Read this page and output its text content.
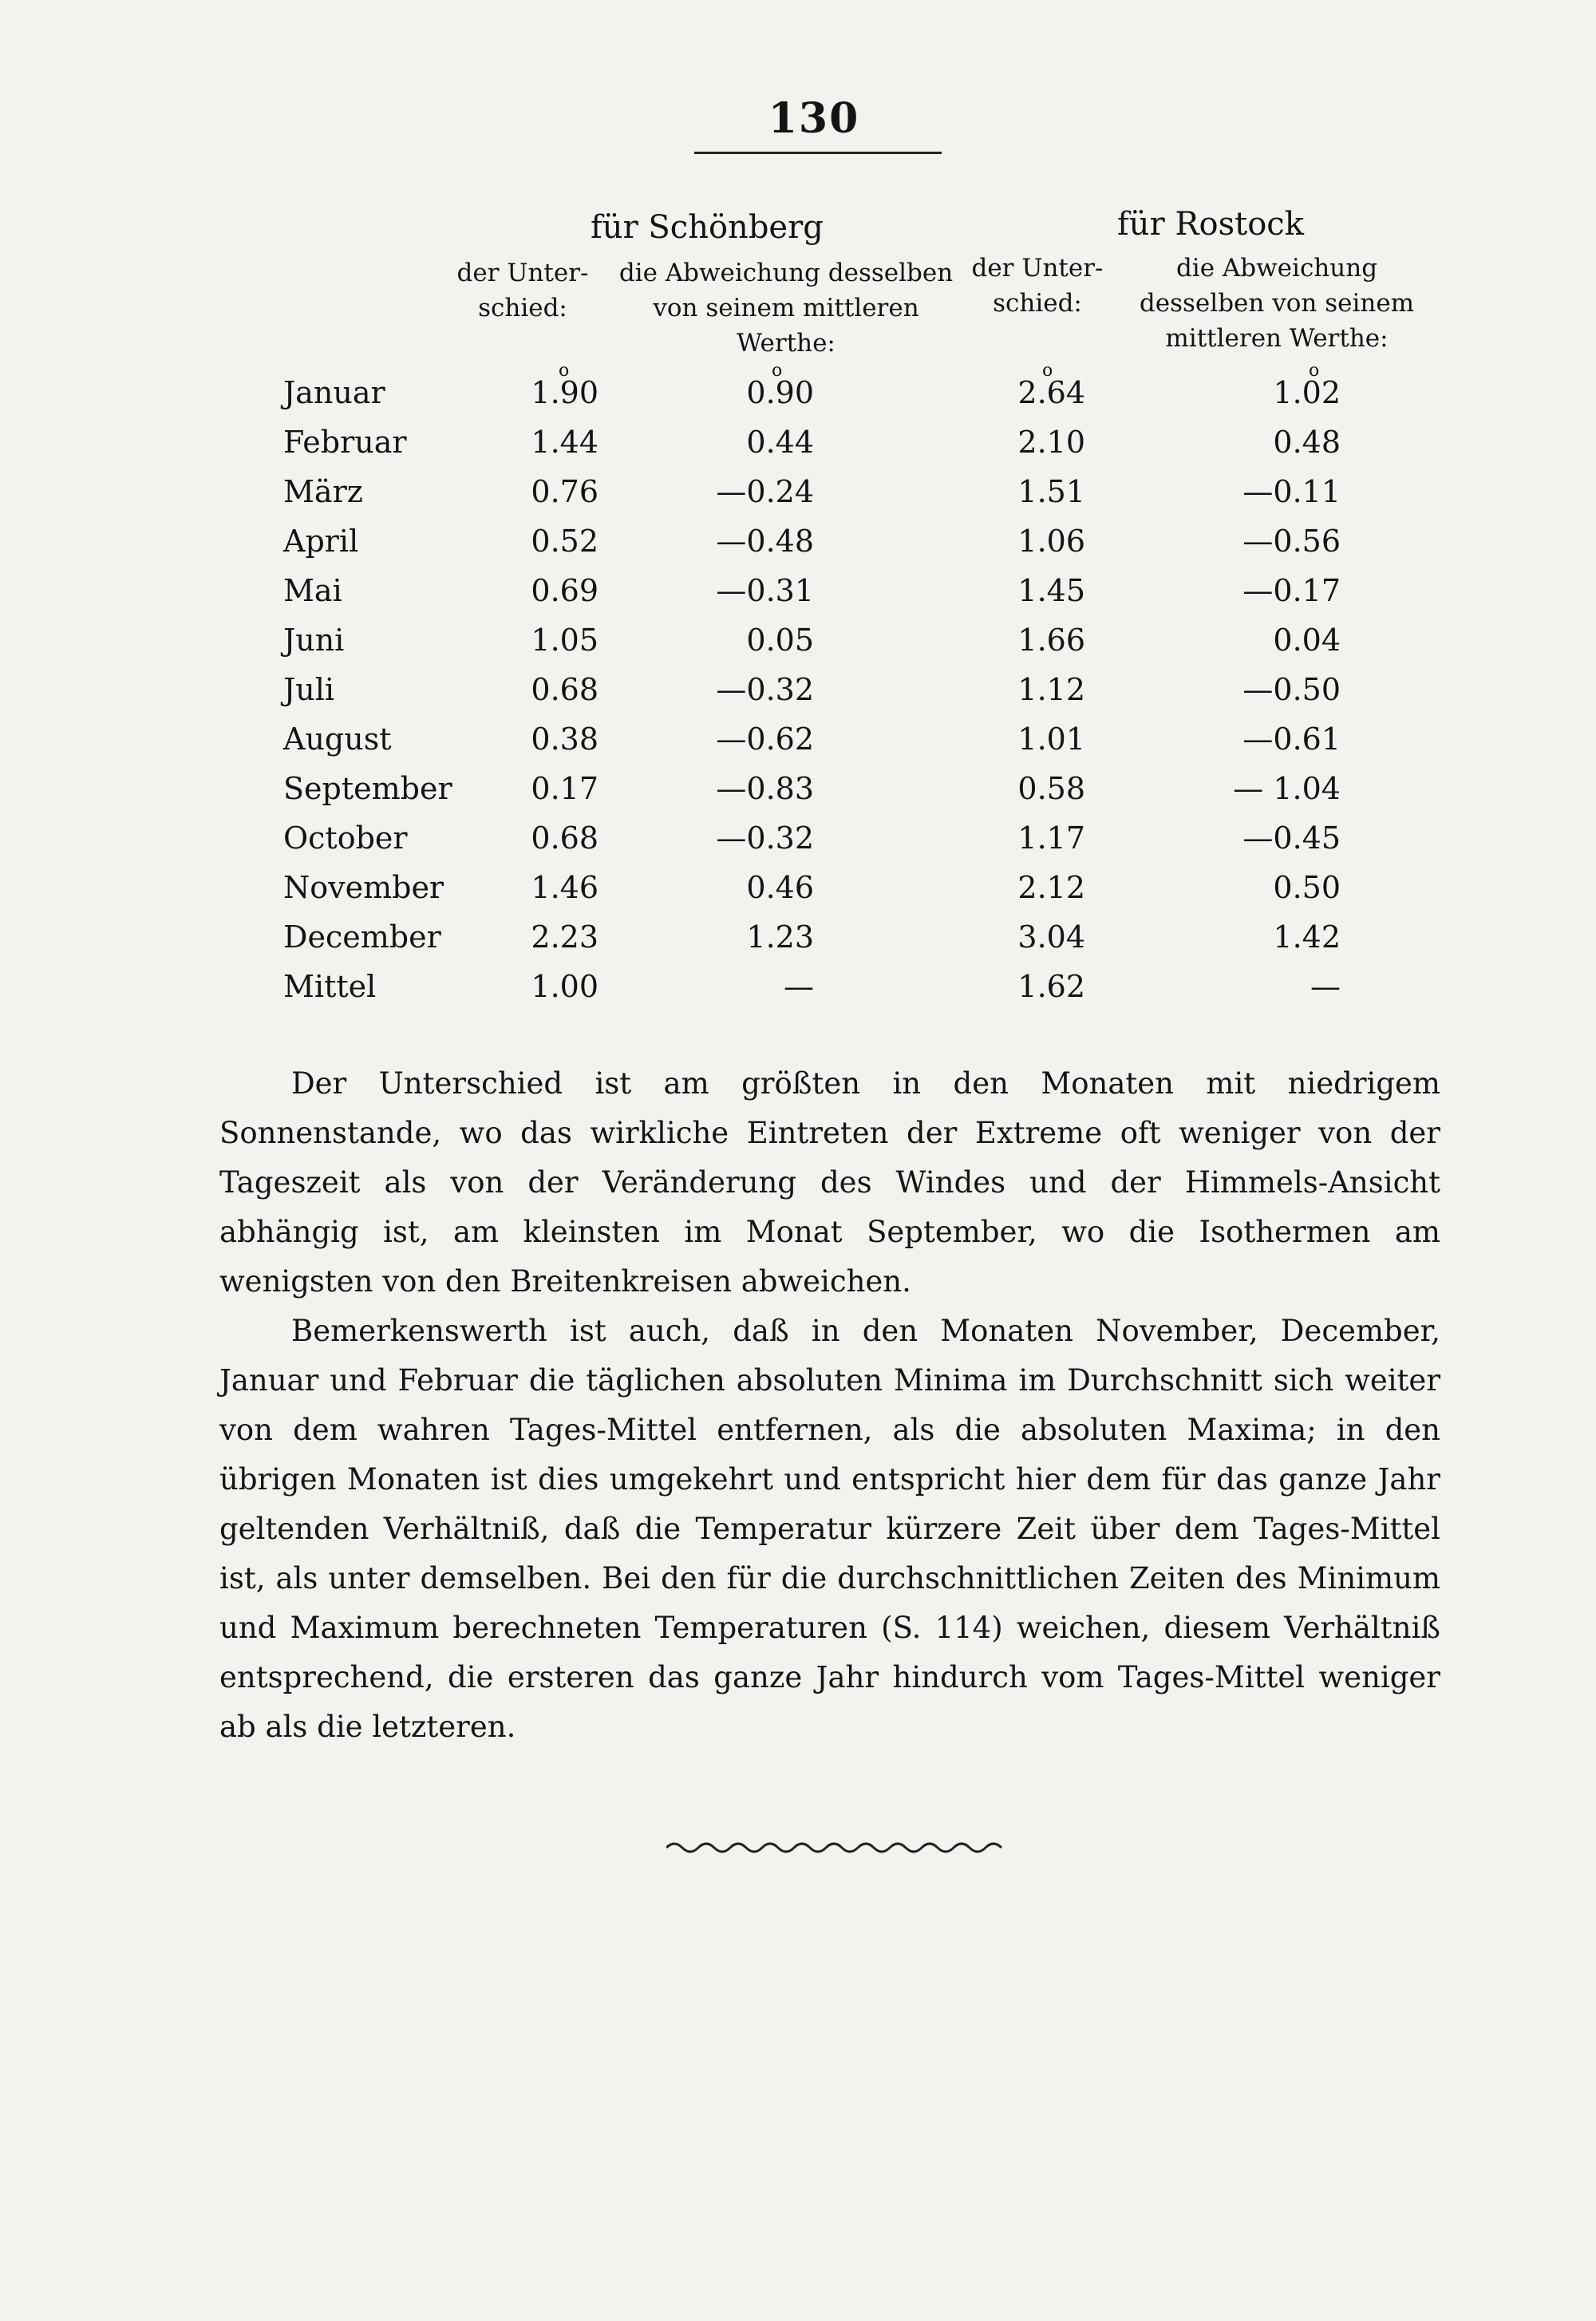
130
für Schönberg	für Rostock
der Unter-schied:
die Abweichung desselben von seinem mittleren Werthe:
der Unter-schied:
die Abweichung desselben von seinem mittleren Werthe:
o	o	o	o
Januar	1.90	0.90	2.64	1.02
Februar	1.44	0.44	2.10	0.48
März	0.76	—0.24	1.51	—0.11
April	0.52	—0.48	1.06	—0.56
Mai	0.69	—0.31	1.45	—0.17
Juni	1.05	0.05	1.66	0.04
Juli	0.68	—0.32	1.12	—0.50
August	0.38	—0.62	1.01	—0.61
September	0.17	—0.83	0.58	— 1.04
October	0.68	—0.32	1.17	—0.45
November	1.46	0.46	2.12	0.50
December	2.23	1.23	3.04	1.42
Mittel	1.00	—	1.62	—

Der Unterschied ist am größten in den Monaten mit niedrigem Sonnenstande, wo das wirkliche Eintreten der Extreme oft weniger von der Tageszeit als von der Veränderung des Windes und der Himmels-Ansicht abhängig ist, am kleinsten im Monat September, wo die Isothermen am wenigsten von den Breitenkreisen abweichen.

Bemerkenswerth ist auch, daß in den Monaten November, December, Januar und Februar die täglichen absoluten Minima im Durchschnitt sich weiter von dem wahren Tages-Mittel entfernen, als die absoluten Maxima; in den übrigen Monaten ist dies umgekehrt und entspricht hier dem für das ganze Jahr geltenden Verhältniß, daß die Temperatur kürzere Zeit über dem Tages-Mittel ist, als unter demselben. Bei den für die durchschnittlichen Zeiten des Minimum und Maximum berechneten Temperaturen (S. 114) weichen, diesem Verhältniß entsprechend, die ersteren das ganze Jahr hindurch vom Tages-Mittel weniger ab als die letzteren.
